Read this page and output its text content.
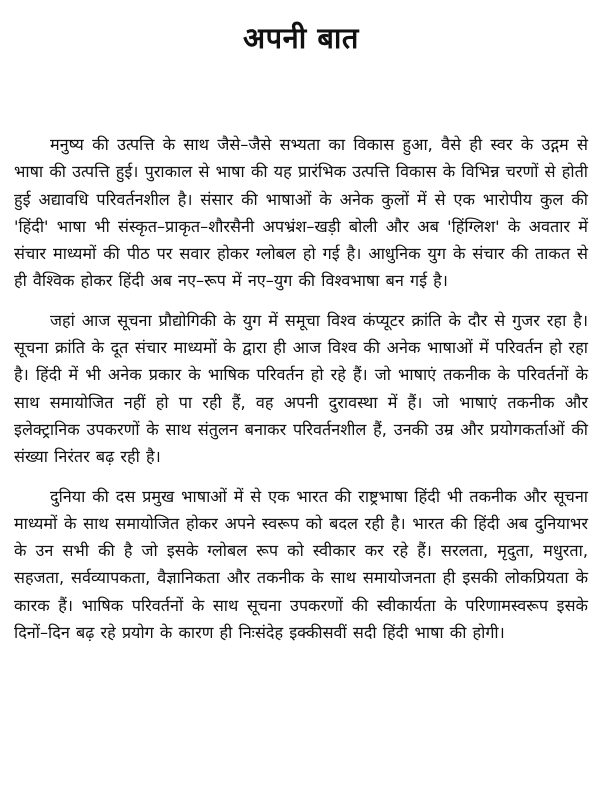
अपनी बात

मनुष्य की उत्पत्ति के साथ जैसे–जैसे सभ्यता का विकास हुआ, वैसे ही स्वर के उद्गम से भाषा की उत्पत्ति हुई। पुराकाल से भाषा की यह प्रारंभिक उत्पत्ति विकास के विभिन्न चरणों से होती हुई अद्यावधि परिवर्तनशील है। संसार की भाषाओं के अनेक कुलों में से एक भारोपीय कुल की 'हिंदी' भाषा भी संस्कृत–प्राकृत–शौरसैनी अपभ्रंश–खड़ी बोली और अब 'हिंग्लिश' के अवतार में संचार माध्यमों की पीठ पर सवार होकर ग्लोबल हो गई है। आधुनिक युग के संचार की ताकत से ही वैश्विक होकर हिंदी अब नए–रूप में नए–युग की विश्वभाषा बन गई है।

जहां आज सूचना प्रौद्योगिकी के युग में समूचा विश्व कंप्यूटर क्रांति के दौर से गुजर रहा है। सूचना क्रांति के दूत संचार माध्यमों के द्वारा ही आज विश्व की अनेक भाषाओं में परिवर्तन हो रहा है। हिंदी में भी अनेक प्रकार के भाषिक परिवर्तन हो रहे हैं। जो भाषाएं तकनीक के परिवर्तनों के साथ समायोजित नहीं हो पा रही हैं, वह अपनी दुरावस्था में हैं। जो भाषाएं तकनीक और इलेक्ट्रानिक उपकरणों के साथ संतुलन बनाकर परिवर्तनशील हैं, उनकी उम्र और प्रयोगकर्ताओं की संख्या निरंतर बढ़ रही है।

दुनिया की दस प्रमुख भाषाओं में से एक भारत की राष्ट्रभाषा हिंदी भी तकनीक और सूचना माध्यमों के साथ समायोजित होकर अपने स्वरूप को बदल रही है। भारत की हिंदी अब दुनियाभर के उन सभी की है जो इसके ग्लोबल रूप को स्वीकार कर रहे हैं। सरलता, मृदुता, मधुरता, सहजता, सर्वव्यापकता, वैज्ञानिकता और तकनीक के साथ समायोजनता ही इसकी लोकप्रियता के कारक हैं। भाषिक परिवर्तनों के साथ सूचना उपकरणों की स्वीकार्यता के परिणामस्वरूप इसके दिनों–दिन बढ़ रहे प्रयोग के कारण ही निःसंदेह इक्कीसवीं सदी हिंदी भाषा की होगी।
